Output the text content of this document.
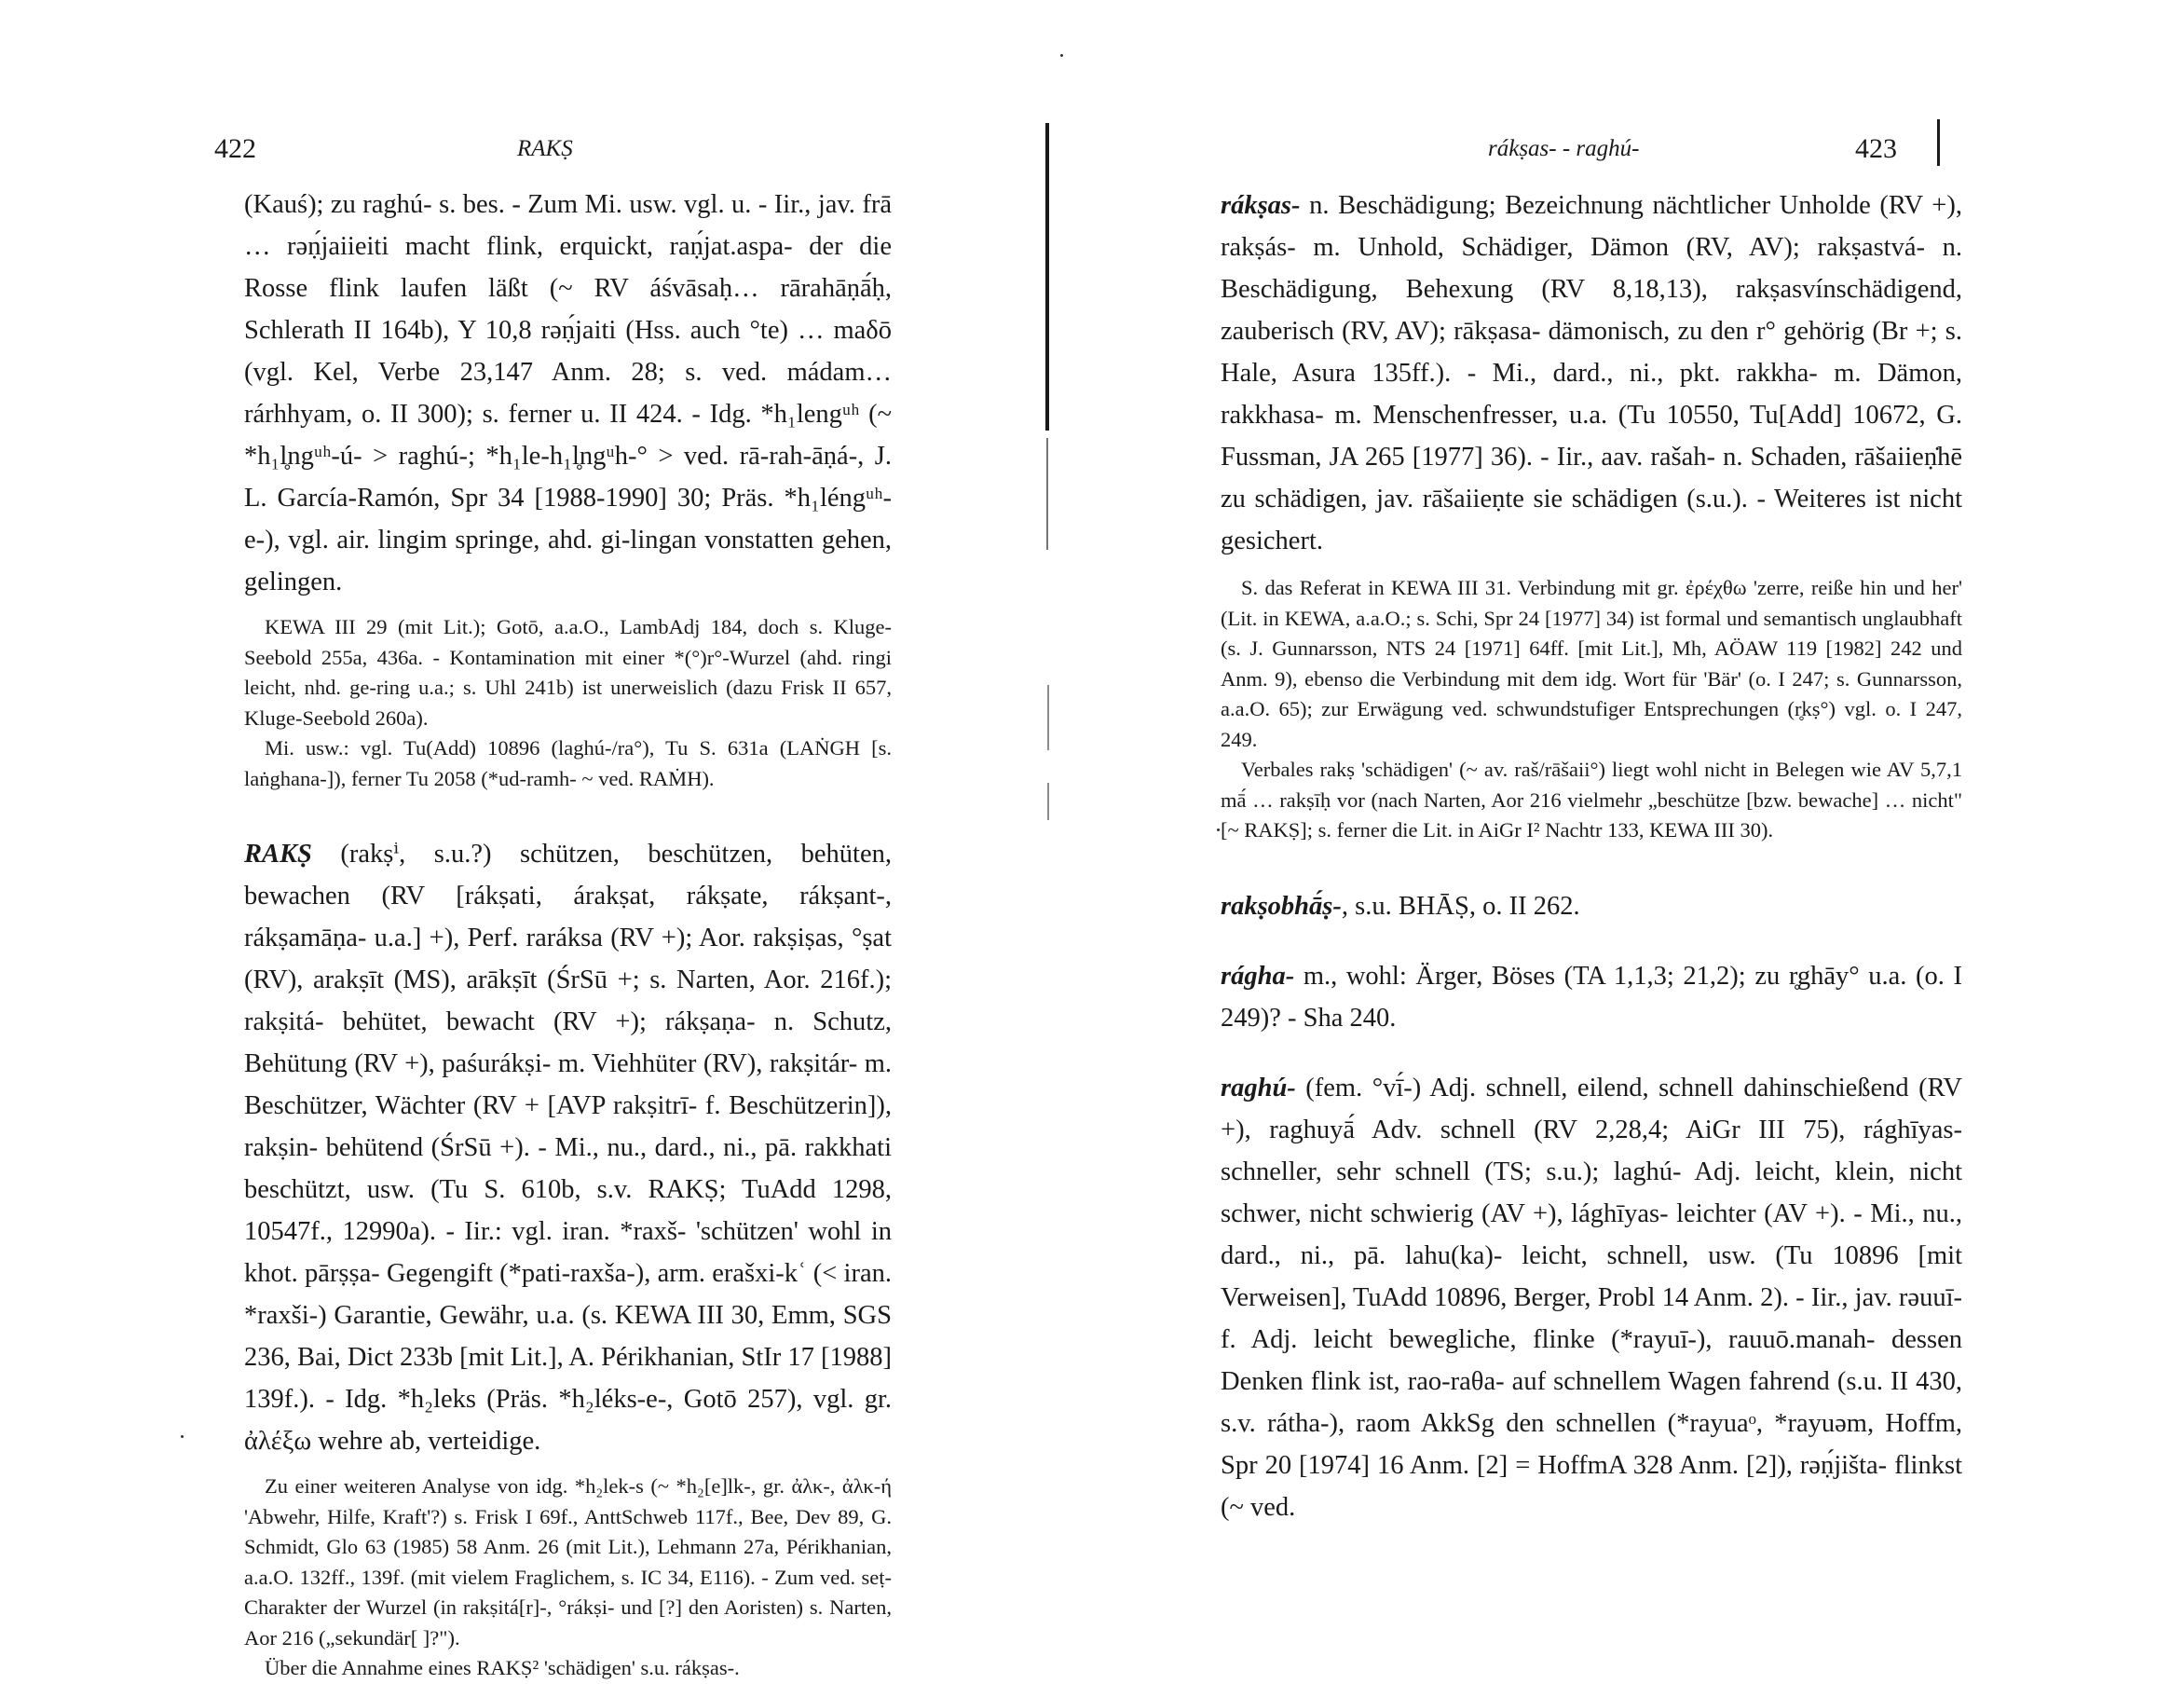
422	RAKṢ

(Kauś); zu raghú- s. bes. - Zum Mi. usw. vgl. u. - Iir., jav. frā … rəṇ́jaiieiti macht flink, erquickt, raṇ́jat.aspa- der die Rosse flink laufen läßt (~ RV áśvāsaḥ… rārahāṇā́ḥ, Schlerath II 164b), Y 10,8 rəṇ́jaiti (Hss. auch °te) … maδō (vgl. Kel, Verbe 23,147 Anm. 28; s. ved. mádam… rárhhyam, o. II 300); s. ferner u. II 424. - Idg. *h₁lengᵘʰ (~ *h₁l̥ngᵘʰ-ú- > raghú-; *h₁le-h₁l̥ngᵘh-° > ved. rā-rah-āṇá-, J. L. García-Ramón, Spr 34 [1988-1990] 30; Präs. *h₁léngᵘʰ-e-), vgl. air. lingim springe, ahd. gi-lingan vonstatten gehen, gelingen.

KEWA III 29 (mit Lit.); Gotō, a.a.O., LambAdj 184, doch s. Kluge-Seebold 255a, 436a. - Kontamination mit einer *(°)r°-Wurzel (ahd. ringi leicht, nhd. ge-ring u.a.; s. Uhl 241b) ist unerweislich (dazu Frisk II 657, Kluge-Seebold 260a).

Mi. usw.: vgl. Tu(Add) 10896 (laghú-/ra°), Tu S. 631a (LAṄGH [s. laṅghana-]), ferner Tu 2058 (*ud-ramh- ~ ved. RAṀH).

RAKṢ (rakṣⁱ, s.u.?) schützen, beschützen, behüten, bewachen (RV [rákṣati, árakṣat, rákṣate, rákṣant-, rákṣamāṇa- u.a.] +), Perf. raráksa (RV +); Aor. rakṣiṣas, °ṣat (RV), arakṣīt (MS), arākṣīt (ŚrSū +; s. Narten, Aor. 216f.); rakṣitá- behütet, bewacht (RV +); rákṣaṇa- n. Schutz, Behütung (RV +), paśurákṣi- m. Viehhüter (RV), rakṣitár- m. Beschützer, Wächter (RV + [AVP rakṣitrī- f. Beschützerin]), rakṣin- behütend (ŚrSū +). - Mi., nu., dard., ni., pā. rakkhati beschützt, usw. (Tu S. 610b, s.v. RAKṢ; TuAdd 1298, 10547f., 12990a). - Iir.: vgl. iran. *raxš- 'schützen' wohl in khot. pārṣṣa- Gegengift (*pati-raxša-), arm. erašxi-kʿ (< iran. *raxši-) Garantie, Gewähr, u.a. (s. KEWA III 30, Emm, SGS 236, Bai, Dict 233b [mit Lit.], A. Périkhanian, StIr 17 [1988] 139f.). - Idg. *h₂leks (Präs. *h₂léks-e-, Gotō 257), vgl. gr. ἀλέξω wehre ab, verteidige.

Zu einer weiteren Analyse von idg. *h₂lek-s (~ *h₂[e]lk-, gr. ἀλκ-, ἀλκ-ή 'Abwehr, Hilfe, Kraft'?) s. Frisk I 69f., AnttSchweb 117f., Bee, Dev 89, G. Schmidt, Glo 63 (1985) 58 Anm. 26 (mit Lit.), Lehmann 27a, Périkhanian, a.a.O. 132ff., 139f. (mit vielem Fraglichem, s. IC 34, E116). - Zum ved. seṭ-Charakter der Wurzel (in rakṣitá[r]-, °rákṣi- und [?] den Aoristen) s. Narten, Aor 216 („sekundär[ ]?").

Über die Annahme eines RAKṢ² 'schädigen' s.u. rákṣas-.

rákṣas- - raghú-	423

rákṣas- n. Beschädigung; Bezeichnung nächtlicher Unholde (RV +), rakṣás- m. Unhold, Schädiger, Dämon (RV, AV); rakṣastvá- n. Beschädigung, Behexung (RV 8,18,13), rakṣasvínschädigend, zauberisch (RV, AV); rākṣasa- dämonisch, zu den r° gehörig (Br +; s. Hale, Asura 135ff.). - Mi., dard., ni., pkt. rakkha- m. Dämon, rakkhasa- m. Menschenfresser, u.a. (Tu 10550, Tu[Add] 10672, G. Fussman, JA 265 [1977] 36). - Iir., aav. rašah- n. Schaden, rāšaiieṇ̇hē zu schädigen, jav. rāšaiieṇte sie schädigen (s.u.). - Weiteres ist nicht gesichert.

S. das Referat in KEWA III 31. Verbindung mit gr. ἐρέχθω 'zerre, reiße hin und her' (Lit. in KEWA, a.a.O.; s. Schi, Spr 24 [1977] 34) ist formal und semantisch unglaubhaft (s. J. Gunnarsson, NTS 24 [1971] 64ff. [mit Lit.], Mh, AÖAW 119 [1982] 242 und Anm. 9), ebenso die Verbindung mit dem idg. Wort für 'Bär' (o. I 247; s. Gunnarsson, a.a.O. 65); zur Erwägung ved. schwundstufiger Entsprechungen (r̥kṣ°) vgl. o. I 247, 249.

Verbales rakṣ 'schädigen' (~ av. raš/rāšaii°) liegt wohl nicht in Belegen wie AV 5,7,1 mā́ … rakṣīḥ vor (nach Narten, Aor 216 vielmehr „beschütze [bzw. bewache] … nicht" [~ RAKṢ]; s. ferner die Lit. in AiGr I² Nachtr 133, KEWA III 30).

rakṣobhā́ṣ-, s.u. BHĀṢ, o. II 262.

rágha- m., wohl: Ärger, Böses (TA 1,1,3; 21,2); zu r̥ghāy° u.a. (o. I 249)? - Sha 240.

raghú- (fem. °vī́-) Adj. schnell, eilend, schnell dahinschießend (RV +), raghuyā́ Adv. schnell (RV 2,28,4; AiGr III 75), rághīyas- schneller, sehr schnell (TS; s.u.); laghú- Adj. leicht, klein, nicht schwer, nicht schwierig (AV +), lághīyas- leichter (AV +). - Mi., nu., dard., ni., pā. lahu(ka)- leicht, schnell, usw. (Tu 10896 [mit Verweisen], TuAdd 10896, Berger, Probl 14 Anm. 2). - Iir., jav. rəuuī- f. Adj. leicht bewegliche, flinke (*rayuī-), rauuō.manah- dessen Denken flink ist, rao-raθa- auf schnellem Wagen fahrend (s.u. II 430, s.v. rátha-), raom AkkSg den schnellen (*rayuaᵒ, *rayuəm, Hoffm, Spr 20 [1974] 16 Anm. [2] = HoffmA 328 Anm. [2]), rəṇ́jišta- flinkst (~ ved.
